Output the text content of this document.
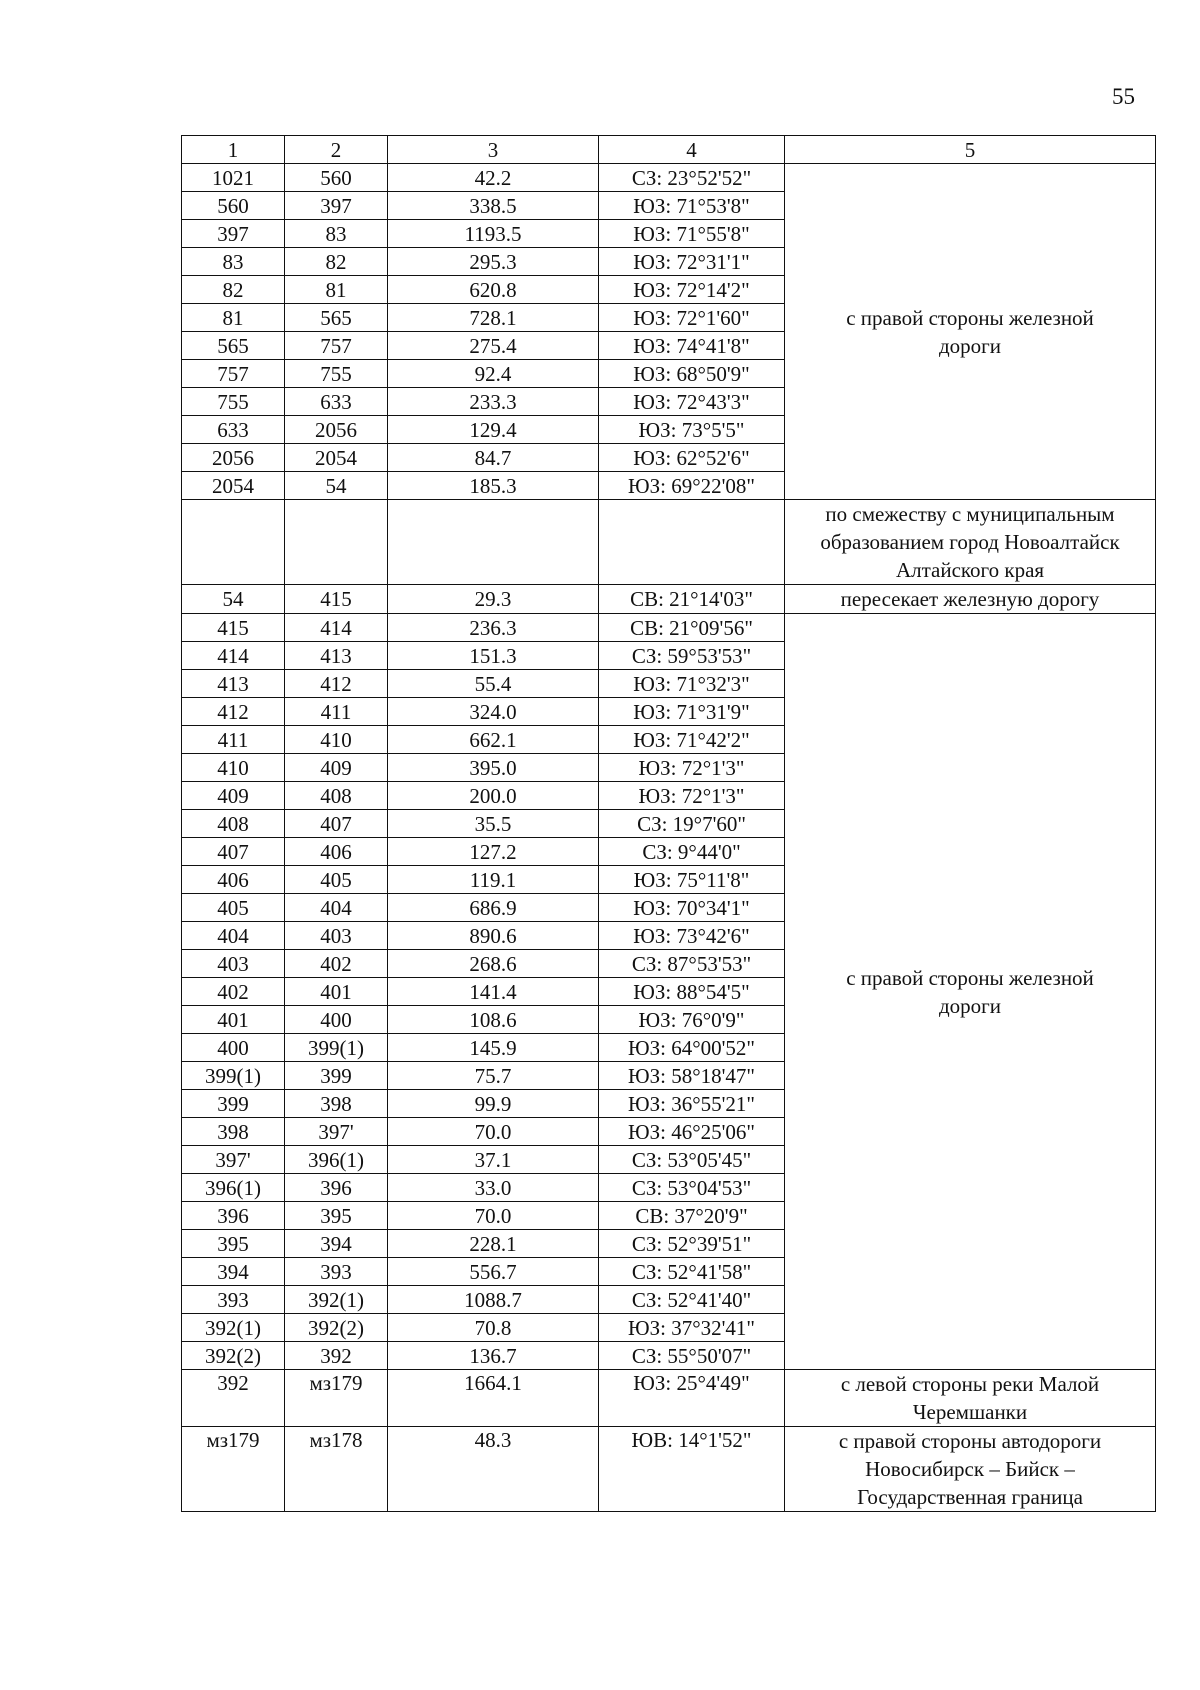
55
1	2	3	4	5
1021	560	42.2	СЗ: 23°52'52"	с правой стороны железной дороги
560	397	338.5	ЮЗ: 71°53'8"	
397	83	1193.5	ЮЗ: 71°55'8"	
83	82	295.3	ЮЗ: 72°31'1"	
82	81	620.8	ЮЗ: 72°14'2"	
81	565	728.1	ЮЗ: 72°1'60"	
565	757	275.4	ЮЗ: 74°41'8"	
757	755	92.4	ЮЗ: 68°50'9"	
755	633	233.3	ЮЗ: 72°43'3"	
633	2056	129.4	ЮЗ: 73°5'5"	
2056	2054	84.7	ЮЗ: 62°52'6"	
2054	54	185.3	ЮЗ: 69°22'08"	
				по смежеству с муниципальным образованием город Новоалтайск Алтайского края
54	415	29.3	СВ: 21°14'03"	пересекает железную дорогу
415	414	236.3	СВ: 21°09'56"	с правой стороны железной дороги
414	413	151.3	СЗ: 59°53'53"	
413	412	55.4	ЮЗ: 71°32'3"	
412	411	324.0	ЮЗ: 71°31'9"	
411	410	662.1	ЮЗ: 71°42'2"	
410	409	395.0	ЮЗ: 72°1'3"	
409	408	200.0	ЮЗ: 72°1'3"	
408	407	35.5	СЗ: 19°7'60"	
407	406	127.2	СЗ: 9°44'0"	
406	405	119.1	ЮЗ: 75°11'8"	
405	404	686.9	ЮЗ: 70°34'1"	
404	403	890.6	ЮЗ: 73°42'6"	
403	402	268.6	СЗ: 87°53'53"	
402	401	141.4	ЮЗ: 88°54'5"	
401	400	108.6	ЮЗ: 76°0'9"	
400	399(1)	145.9	ЮЗ: 64°00'52"	
399(1)	399	75.7	ЮЗ: 58°18'47"	
399	398	99.9	ЮЗ: 36°55'21"	
398	397'	70.0	ЮЗ: 46°25'06"	
397'	396(1)	37.1	СЗ: 53°05'45"	
396(1)	396	33.0	СЗ: 53°04'53"	
396	395	70.0	СВ: 37°20'9"	
395	394	228.1	СЗ: 52°39'51"	
394	393	556.7	СЗ: 52°41'58"	
393	392(1)	1088.7	СЗ: 52°41'40"	
392(1)	392(2)	70.8	ЮЗ: 37°32'41"	
392(2)	392	136.7	СЗ: 55°50'07"	
392	мз179	1664.1	ЮЗ: 25°4'49"	с левой стороны реки Малой Черемшанки
мз179	мз178	48.3	ЮВ: 14°1'52"	с правой стороны автодороги Новосибирск – Бийск – Государственная граница
